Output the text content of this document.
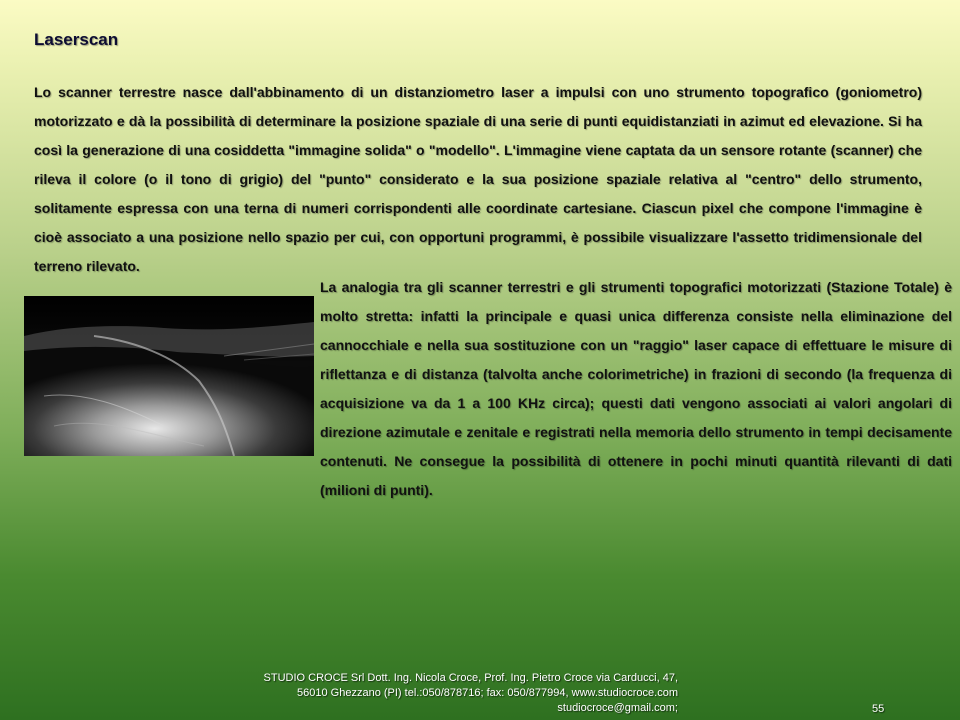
Laserscan
Lo scanner terrestre nasce dall'abbinamento di un distanziometro laser a impulsi con uno strumento topografico (goniometro) motorizzato e dà la possibilità di determinare la posizione spaziale di una serie di punti equidistanziati in azimut ed elevazione. Si ha così la generazione di una cosiddetta "immagine solida" o "modello". L'immagine viene captata da un sensore rotante (scanner) che rileva il colore (o il tono di grigio) del "punto" considerato e la sua posizione spaziale relativa al "centro" dello strumento, solitamente espressa con una terna di numeri corrispondenti alle coordinate cartesiane. Ciascun pixel che compone l'immagine è cioè associato a una posizione nello spazio per cui, con opportuni programmi, è possibile visualizzare l'assetto tridimensionale del terreno rilevato.
La analogia tra gli scanner terrestri e gli strumenti topografici motorizzati (Stazione Totale) è molto stretta: infatti la principale e quasi unica differenza consiste nella eliminazione del cannocchiale e nella sua sostituzione con un "raggio" laser capace di effettuare le misure di riflettanza e di distanza (talvolta anche colorimetriche) in frazioni di secondo (la frequenza di acquisizione va da 1 a 100 KHz circa); questi dati vengono associati ai valori angolari di direzione azimutale e zenitale e registrati nella memoria dello strumento in tempi decisamente contenuti. Ne consegue la possibilità di ottenere in pochi minuti quantità rilevanti di dati (milioni di punti).
STUDIO CROCE Srl Dott. Ing. Nicola Croce, Prof. Ing. Pietro Croce via Carducci, 47,
56010 Ghezzano (PI) tel.:050/878716; fax: 050/877994, www.studiocroce.com
studiocroce@gmail.com;	55
